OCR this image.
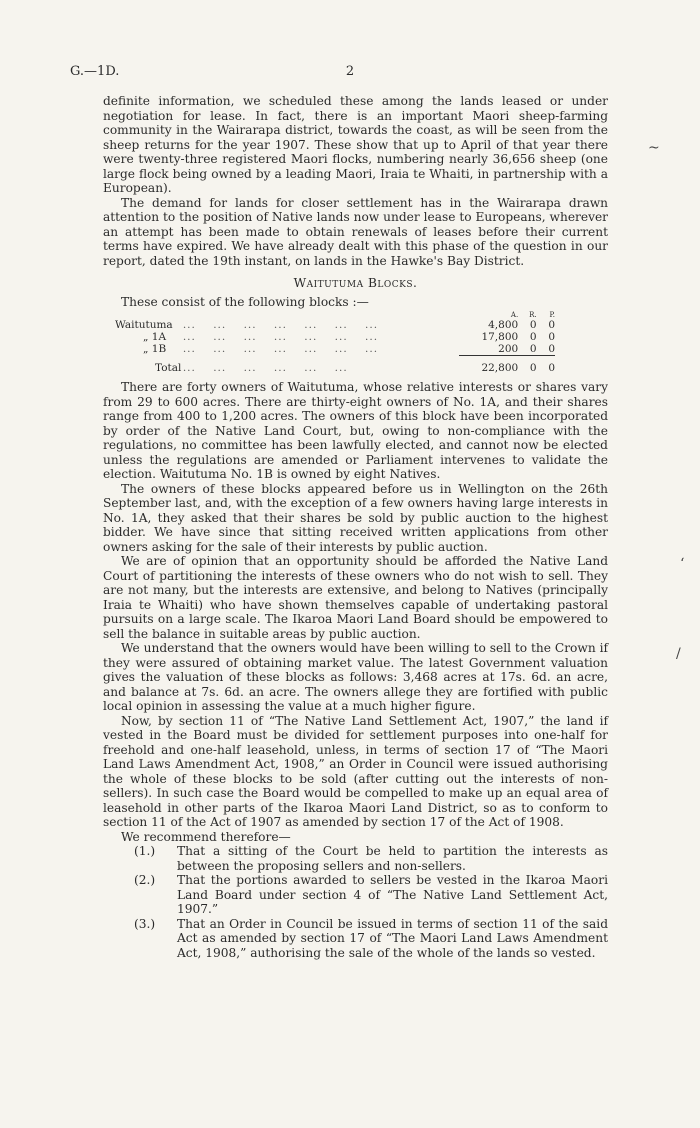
G.—1D.	2

definite information, we scheduled these among the lands leased or under negotiation for lease. In fact, there is an important Maori sheep-farming community in the Wairarapa district, towards the coast, as will be seen from the sheep returns for the year 1907. These show that up to April of that year there were twenty-three registered Maori flocks, numbering nearly 36,656 sheep (one large flock being owned by a leading Maori, Iraia te Whaiti, in partnership with a European).

The demand for lands for closer settlement has in the Wairarapa drawn attention to the position of Native lands now under lease to Europeans, wherever an attempt has been made to obtain renewals of leases before their current terms have expired. We have already dealt with this phase of the question in our report, dated the 19th instant, on lands in the Hawke's Bay District.

Waitutuma Blocks.

These consist of the following blocks :—

		A.	R.	P.
Waitutuma	...    ...    ...    ...    ...    ...    ...	4,800	0	0
„ 1A	...    ...    ...    ...    ...    ...    ...	17,800	0	0
„ 1B	...    ...    ...    ...    ...    ...    ...	200	0	0
Total	...    ...    ...    ...    ...    ...	22,800	0	0

There are forty owners of Waitutuma, whose relative interests or shares vary from 29 to 600 acres. There are thirty-eight owners of No. 1A, and their shares range from 400 to 1,200 acres. The owners of this block have been incorporated by order of the Native Land Court, but, owing to non-compliance with the regulations, no committee has been lawfully elected, and cannot now be elected unless the regulations are amended or Parliament intervenes to validate the election. Waitutuma No. 1B is owned by eight Natives.

The owners of these blocks appeared before us in Wellington on the 26th September last, and, with the exception of a few owners having large interests in No. 1A, they asked that their shares be sold by public auction to the highest bidder. We have since that sitting received written applications from other owners asking for the sale of their interests by public auction.

We are of opinion that an opportunity should be afforded the Native Land Court of partitioning the interests of these owners who do not wish to sell. They are not many, but the interests are extensive, and belong to Natives (principally Iraia te Whaiti) who have shown themselves capable of undertaking pastoral pursuits on a large scale. The Ikaroa Maori Land Board should be empowered to sell the balance in suitable areas by public auction.

We understand that the owners would have been willing to sell to the Crown if they were assured of obtaining market value. The latest Government valuation gives the valuation of these blocks as follows: 3,468 acres at 17s. 6d. an acre, and balance at 7s. 6d. an acre. The owners allege they are fortified with public local opinion in assessing the value at a much higher figure.

Now, by section 11 of “The Native Land Settlement Act, 1907,” the land if vested in the Board must be divided for settlement purposes into one-half for freehold and one-half leasehold, unless, in terms of section 17 of “The Maori Land Laws Amendment Act, 1908,” an Order in Council were issued authorising the whole of these blocks to be sold (after cutting out the interests of non-sellers). In such case the Board would be compelled to make up an equal area of leasehold in other parts of the Ikaroa Maori Land District, so as to conform to section 11 of the Act of 1907 as amended by section 17 of the Act of 1908.

We recommend therefore—

(1.) That a sitting of the Court be held to partition the interests as between the proposing sellers and non-sellers.
(2.) That the portions awarded to sellers be vested in the Ikaroa Maori Land Board under section 4 of “The Native Land Settlement Act, 1907.”
(3.) That an Order in Council be issued in terms of section 11 of the said Act as amended by section 17 of “The Maori Land Laws Amendment Act, 1908,” authorising the sale of the whole of the lands so vested.
~
ʻ
/
